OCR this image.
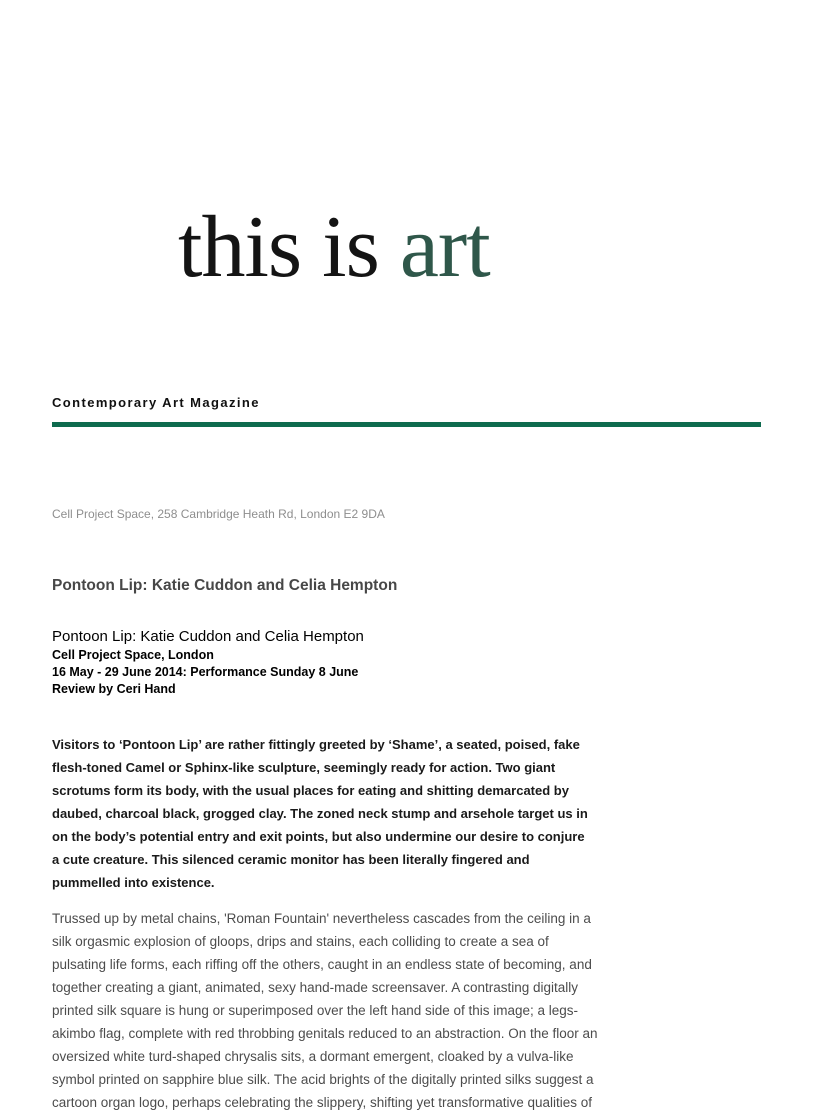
this is art

Contemporary Art Magazine
Cell Project Space, 258 Cambridge Heath Rd, London E2 9DA
Pontoon Lip: Katie Cuddon and Celia Hempton
Pontoon Lip: Katie Cuddon and Celia Hempton
Cell Project Space, London
16 May - 29 June 2014: Performance Sunday 8 June
Review by Ceri Hand

Visitors to ‘Pontoon Lip’ are rather fittingly greeted by ‘Shame’, a seated, poised, fake flesh-toned Camel or Sphinx-like sculpture, seemingly ready for action. Two giant scrotums form its body, with the usual places for eating and shitting demarcated by daubed, charcoal black, grogged clay. The zoned neck stump and arsehole target us in on the body’s potential entry and exit points, but also undermine our desire to conjure a cute creature. This silenced ceramic monitor has been literally fingered and pummelled into existence.

Trussed up by metal chains, 'Roman Fountain' nevertheless cascades from the ceiling in a silk orgasmic explosion of gloops, drips and stains, each colliding to create a sea of pulsating life forms, each riffing off the others, caught in an endless state of becoming, and together creating a giant, animated, sexy hand-made screensaver. A contrasting digitally printed silk square is hung or superimposed over the left hand side of this image; a legs-akimbo flag, complete with red throbbing genitals reduced to an abstraction. On the floor an oversized white turd-shaped chrysalis sits, a dormant emergent, cloaked by a vulva-like symbol printed on sapphire blue silk. The acid brights of the digitally printed silks suggest a cartoon organ logo, perhaps celebrating the slippery, shifting yet transformative qualities of
